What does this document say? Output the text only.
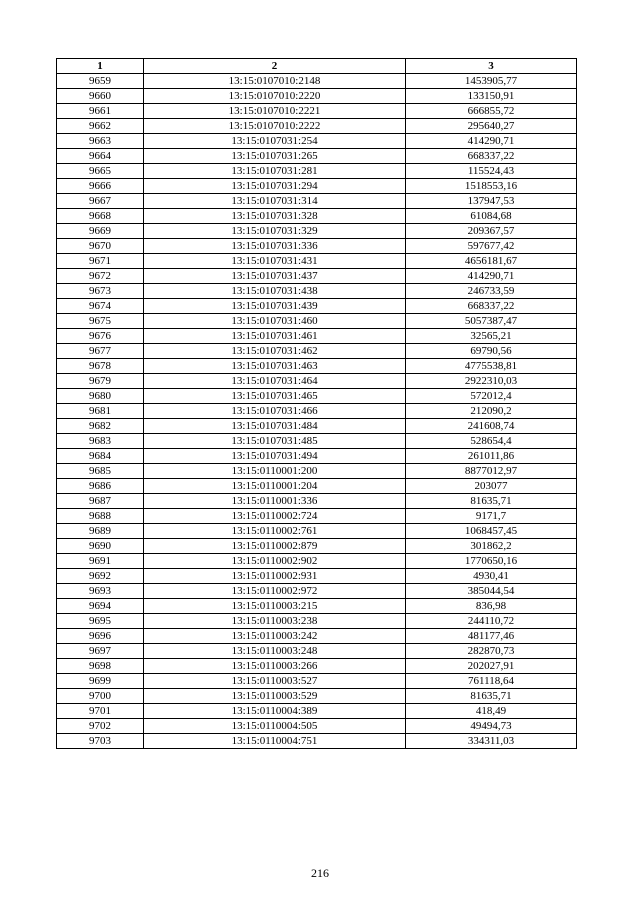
1	2	3
9659	13:15:0107010:2148	1453905,77
9660	13:15:0107010:2220	133150,91
9661	13:15:0107010:2221	666855,72
9662	13:15:0107010:2222	295640,27
9663	13:15:0107031:254	414290,71
9664	13:15:0107031:265	668337,22
9665	13:15:0107031:281	115524,43
9666	13:15:0107031:294	1518553,16
9667	13:15:0107031:314	137947,53
9668	13:15:0107031:328	61084,68
9669	13:15:0107031:329	209367,57
9670	13:15:0107031:336	597677,42
9671	13:15:0107031:431	4656181,67
9672	13:15:0107031:437	414290,71
9673	13:15:0107031:438	246733,59
9674	13:15:0107031:439	668337,22
9675	13:15:0107031:460	5057387,47
9676	13:15:0107031:461	32565,21
9677	13:15:0107031:462	69790,56
9678	13:15:0107031:463	4775538,81
9679	13:15:0107031:464	2922310,03
9680	13:15:0107031:465	572012,4
9681	13:15:0107031:466	212090,2
9682	13:15:0107031:484	241608,74
9683	13:15:0107031:485	528654,4
9684	13:15:0107031:494	261011,86
9685	13:15:0110001:200	8877012,97
9686	13:15:0110001:204	203077
9687	13:15:0110001:336	81635,71
9688	13:15:0110002:724	9171,7
9689	13:15:0110002:761	1068457,45
9690	13:15:0110002:879	301862,2
9691	13:15:0110002:902	1770650,16
9692	13:15:0110002:931	4930,41
9693	13:15:0110002:972	385044,54
9694	13:15:0110003:215	836,98
9695	13:15:0110003:238	244110,72
9696	13:15:0110003:242	481177,46
9697	13:15:0110003:248	282870,73
9698	13:15:0110003:266	202027,91
9699	13:15:0110003:527	761118,64
9700	13:15:0110003:529	81635,71
9701	13:15:0110004:389	418,49
9702	13:15:0110004:505	49494,73
9703	13:15:0110004:751	334311,03
216
